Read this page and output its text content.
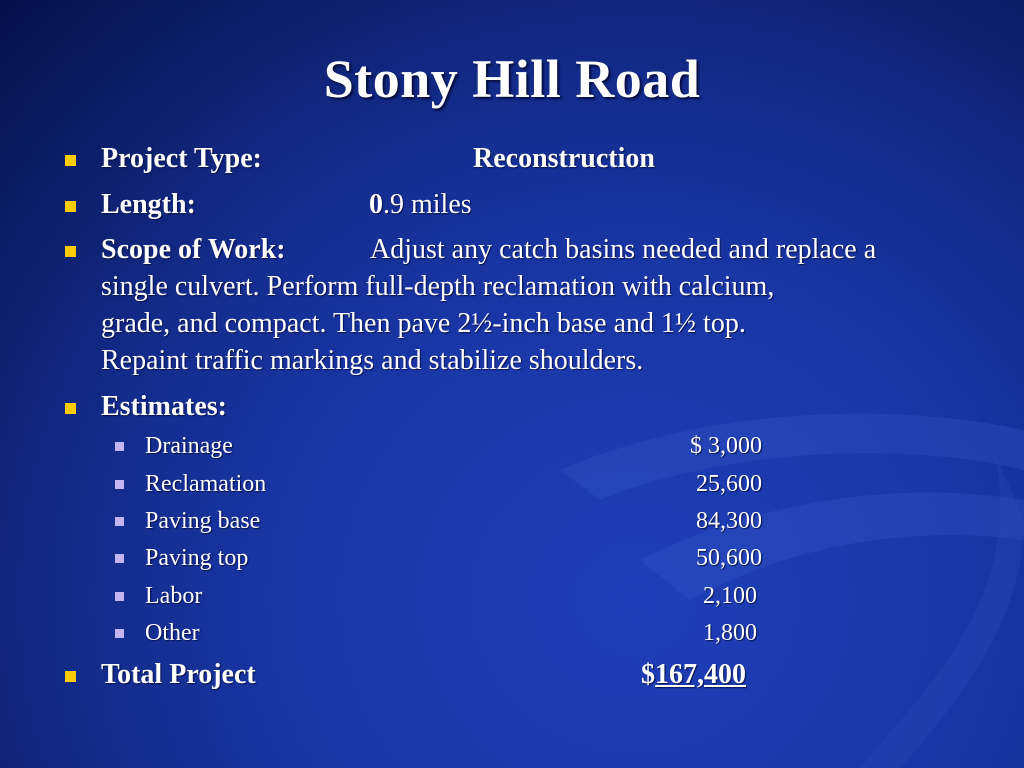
Stony Hill Road
Project Type:	Reconstruction
Length:	0.9 miles
Scope of Work:	Adjust any catch basins needed and replace a
single culvert. Perform full-depth reclamation with calcium,
grade, and compact. Then pave 2½-inch base and 1½ top.
Repaint traffic markings and stabilize shoulders.
Estimates:
Drainage	$ 3,000
Reclamation	25,600
Paving base	84,300
Paving top	50,600
Labor	2,100
Other	1,800
Total Project	$167,400
